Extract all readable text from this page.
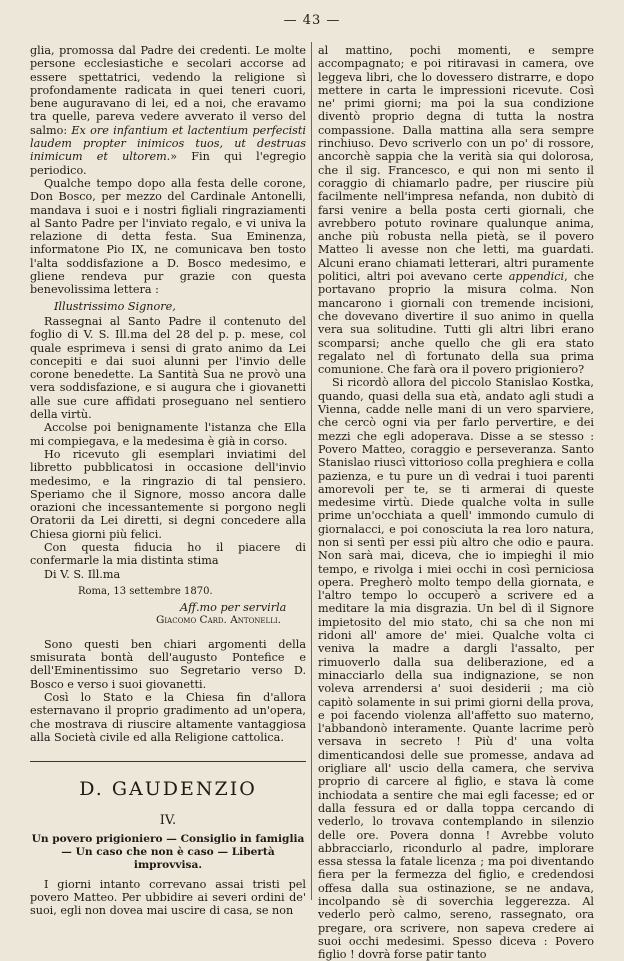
— 43 —

glia, promossa dal Padre dei credenti. Le molte persone ecclesiastiche e secolari accorse ad essere spettatrici, vedendo la religione sì profondamente radicata in quei teneri cuori, bene auguravano di lei, ed a noi, che eravamo tra quelle, pareva vedere avverato il verso del salmo: Ex ore infantium et lactentium perfecisti laudem propter inimicos tuos, ut destruas inimicum et ultorem.» Fin qui l'egregio periodico.

Qualche tempo dopo alla festa delle corone, Don Bosco, per mezzo del Cardinale Antonelli, mandava i suoi e i nostri figliali ringraziamenti al Santo Padre per l'inviato regalo, e vi univa la relazione di detta festa. Sua Eminenza, informatone Pio IX, ne comunicava ben tosto l'alta soddisfazione a D. Bosco medesimo, e gliene rendeva pur grazie con questa benevolissima lettera :

Illustrissimo Signore,

Rassegnai al Santo Padre il contenuto del foglio di V. S. Ill.ma del 28 del p. p. mese, col quale esprimeva i sensi di grato animo da Lei concepiti e dai suoi alunni per l'invio delle corone benedette. La Santità Sua ne provò una vera soddisfazione, e si augura che i giovanetti alle sue cure affidati proseguano nel sentiero della virtù.

Accolse poi benignamente l'istanza che Ella mi compiegava, e la medesima è già in corso.

Ho ricevuto gli esemplari inviatimi del libretto pubblicatosi in occasione dell'invio medesimo, e la ringrazio di tal pensiero. Speriamo che il Signore, mosso ancora dalle orazioni che incessantemente si porgono negli Oratorii da Lei diretti, si degni concedere alla Chiesa giorni più felici.

Con questa fiducia ho il piacere di confermarle la mia distinta stima

Di V. S. Ill.ma

Roma, 13 settembre 1870.

Aff.mo per servirla

Giacomo Card. Antonelli.

Sono questi ben chiari argomenti della smisurata bontà dell'augusto Pontefice e dell'Eminentissimo suo Segretario verso D. Bosco e verso i suoi giovanetti.

Così lo Stato e la Chiesa fin d'allora esternavano il proprio gradimento ad un'opera, che mostrava di riuscire altamente vantaggiosa alla Società civile ed alla Religione cattolica.

D. GAUDENZIO
IV.
Un povero prigioniero — Consiglio in famiglia — Un caso che non è caso — Libertà improvvisa.

I giorni intanto correvano assai tristi pel povero Matteo. Per ubbidire ai severi ordini de' suoi, egli non dovea mai uscire di casa, se non

al mattino, pochi momenti, e sempre accompagnato; e poi ritiravasi in camera, ove leggeva libri, che lo dovessero distrarre, e dopo mettere in carta le impressioni ricevute. Così ne' primi giorni; ma poi la sua condizione diventò proprio degna di tutta la nostra compassione. Dalla mattina alla sera sempre rinchiuso. Devo scriverlo con un po' di rossore, ancorchè sappia che la verità sia qui dolorosa, che il sig. Francesco, e qui non mi sento il coraggio di chiamarlo padre, per riuscire più facilmente nell'impresa nefanda, non dubitò di farsi venire a bella posta certi giornali, che avrebbero potuto rovinare qualunque anima, anche più robusta nella pietà, se il povero Matteo li avesse non che letti, ma guardati. Alcuni erano chiamati letterari, altri puramente politici, altri poi avevano certe appendici, che portavano proprio la misura colma. Non mancarono i giornali con tremende incisioni, che dovevano divertire il suo animo in quella vera sua solitudine. Tutti gli altri libri erano scomparsi; anche quello che gli era stato regalato nel dì fortunato della sua prima comunione. Che farà ora il povero prigioniero?

Si ricordò allora del piccolo Stanislao Kostka, quando, quasi della sua età, andato agli studi a Vienna, cadde nelle mani di un vero sparviere, che cercò ogni via per farlo pervertire, e dei mezzi che egli adoperava. Disse a se stesso : Povero Matteo, coraggio e perseveranza. Santo Stanislao riuscì vittorioso colla preghiera e colla pazienza, e tu pure un dì vedrai i tuoi parenti amorevoli per te, se ti armerai di queste medesime virtù. Diede qualche volta in sulle prime un'occhiata a quell' immondo cumulo di giornalacci, e poi conosciuta la rea loro natura, non si sentì per essi più altro che odio e paura. Non sarà mai, diceva, che io impieghi il mio tempo, e rivolga i miei occhi in così perniciosa opera. Pregherò molto tempo della giornata, e l'altro tempo lo occuperò a scrivere ed a meditare la mia disgrazia. Un bel dì il Signore impietosito del mio stato, chi sa che non mi ridoni all' amore de' miei. Qualche volta ci veniva la madre a dargli l'assalto, per rimuoverlo dalla sua deliberazione, ed a minacciarlo della sua indignazione, se non voleva arrendersi a' suoi desiderii ; ma ciò capitò solamente in sui primi giorni della prova, e poi facendo violenza all'affetto suo materno, l'abbandonò interamente. Quante lacrime però versava in secreto ! Più d' una volta dimenticandosi delle sue promesse, andava ad origliare all' uscio della camera, che serviva proprio di carcere al figlio, e stava là come inchiodata a sentire che mai egli facesse; ed or dalla fessura ed or dalla toppa cercando di vederlo, lo trovava contemplando in silenzio delle ore. Povera donna ! Avrebbe voluto abbracciarlo, ricondurlo al padre, implorare essa stessa la fatale licenza ; ma poi diventando fiera per la fermezza del figlio, e credendosi offesa dalla sua ostinazione, se ne andava, incolpando sè di soverchia leggerezza. Al vederlo però calmo, sereno, rassegnato, ora pregare, ora scrivere, non sapeva credere ai suoi occhi medesimi. Spesso diceva : Povero figlio ! dovrà forse patir tanto
